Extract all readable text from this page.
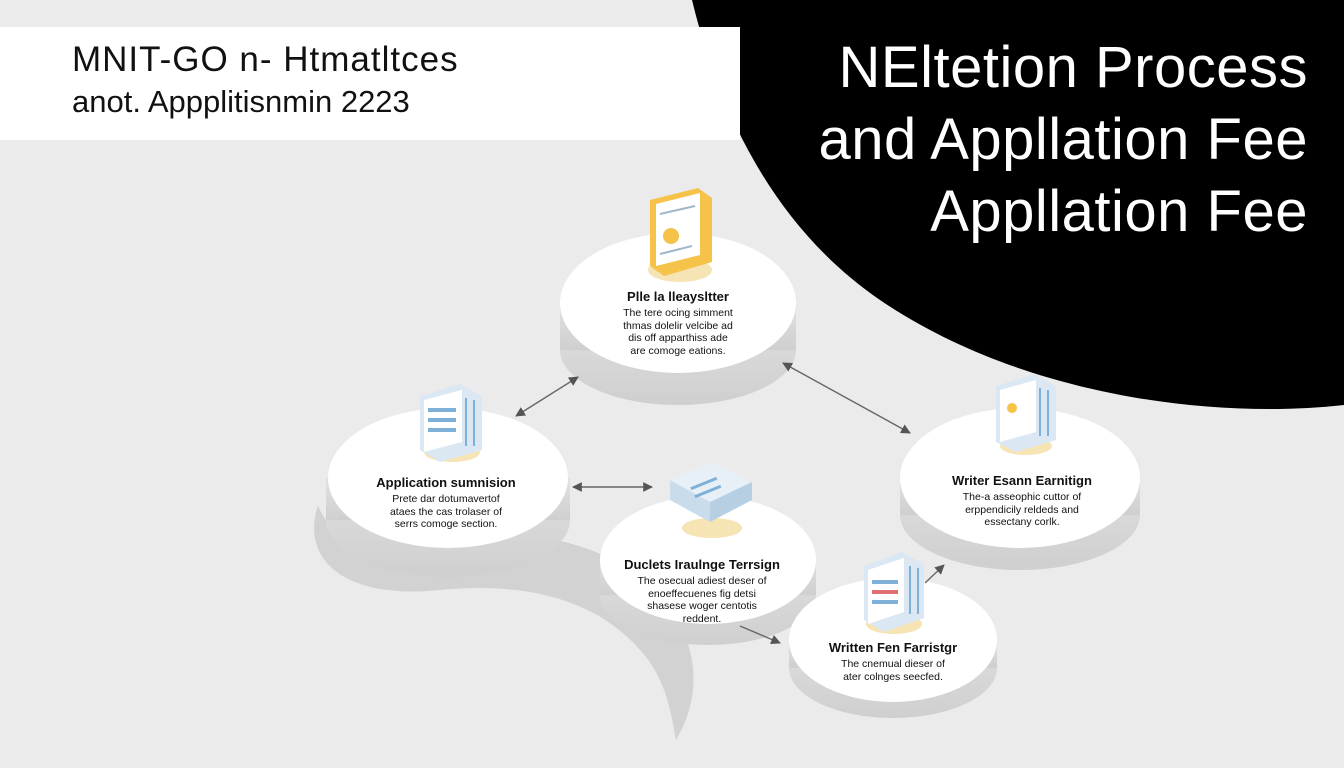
MNIT-GO n- Htmatltces
anot. Appplitisnmin 2223
NEltetion Process
and Appllation Fee
Appllation Fee
Plle la lleaysltter
The tere ocing simment
thmas dolelir velcibe ad
dis off apparthiss ade
are comoge eations.
Application sumnision
Prete dar dotumavertof
ataes the cas trolaser of
serrs comoge section.
Writer Esann Earnitign
The-a asseophic cuttor of
erppendicily reldeds and
essectany corlk.
Duclets Iraulnge Terrsign
The osecual adiest deser of
enoeffecuenes fig detsi
shasese woger centotis
reddent.
Written Fen Farristgr
The cnemual dieser of
ater colnges seecfed.
